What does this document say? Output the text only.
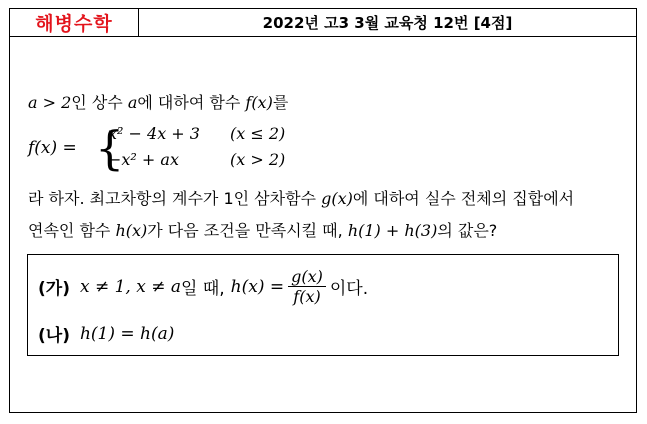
해병수학	2022년 고3 3월 교육청 12번 [4점]
a > 2인 상수 a에 대하여 함수 f(x)를
f(x) = {
x² − 4x + 3 (x ≤ 2)
−x² + ax	(x > 2)
라 하자. 최고차항의 계수가 1인 삼차함수 g(x)에 대하여 실수 전체의 집합에서
연속인 함수 h(x)가 다음 조건을 만족시킬 때, h(1) + h(3)의 값은?
(가) x ≠ 1, x ≠ a 일 때, $h(x) = \frac{g(x)}{f(x)}$ 이다.
(나) h(1) = h(a)
